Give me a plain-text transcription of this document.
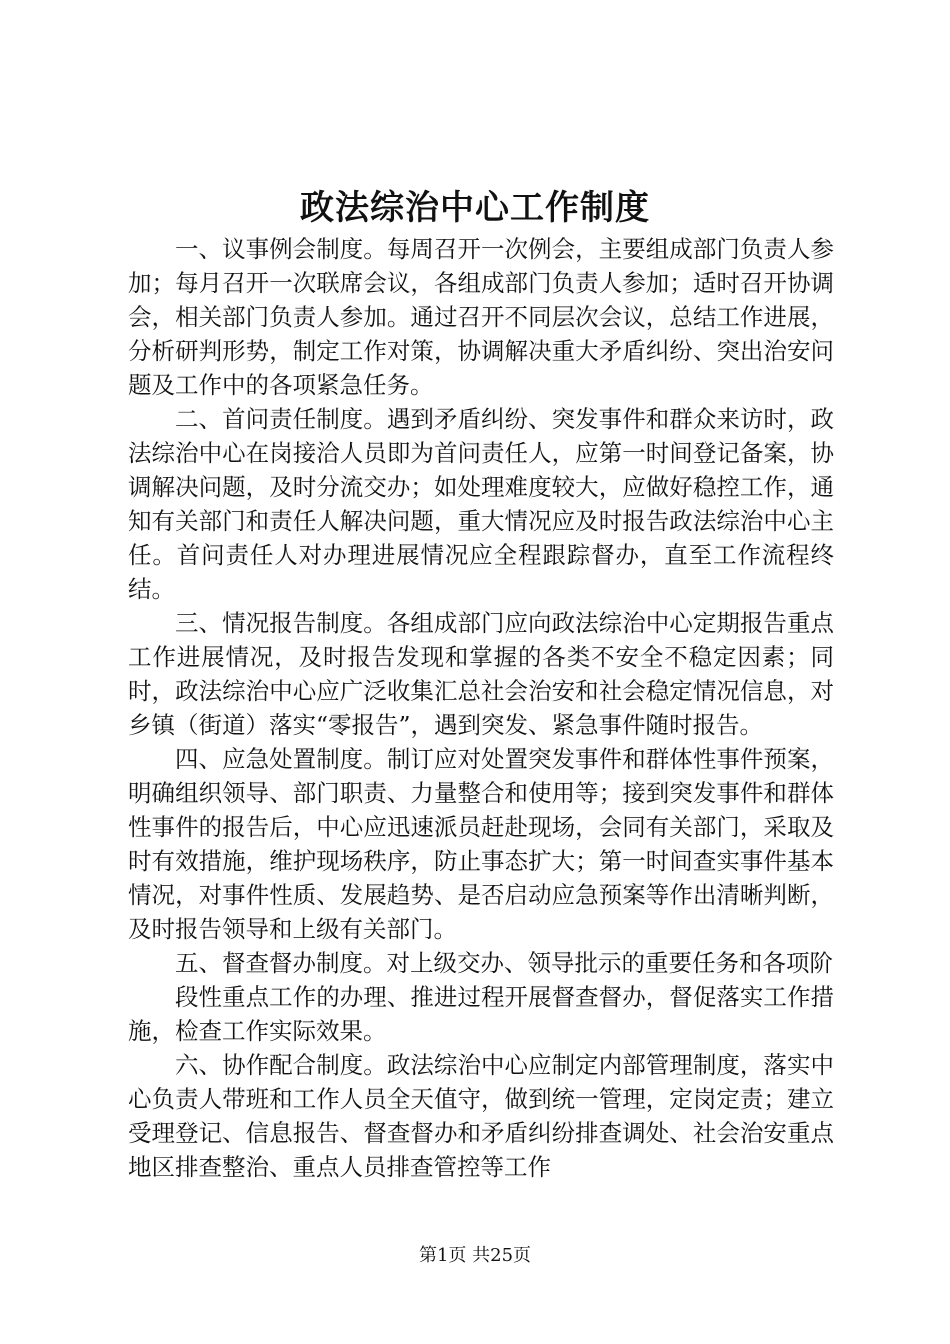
政法综治中心工作制度

一、议事例会制度。每周召开一次例会，主要组成部门负责人参加；每月召开一次联席会议，各组成部门负责人参加；适时召开协调会，相关部门负责人参加。通过召开不同层次会议，总结工作进展，分析研判形势，制定工作对策，协调解决重大矛盾纠纷、突出治安问题及工作中的各项紧急任务。

二、首问责任制度。遇到矛盾纠纷、突发事件和群众来访时，政法综治中心在岗接洽人员即为首问责任人，应第一时间登记备案，协调解决问题，及时分流交办；如处理难度较大，应做好稳控工作，通知有关部门和责任人解决问题，重大情况应及时报告政法综治中心主任。首问责任人对办理进展情况应全程跟踪督办，直至工作流程终结。

三、情况报告制度。各组成部门应向政法综治中心定期报告重点工作进展情况，及时报告发现和掌握的各类不安全不稳定因素；同时，政法综治中心应广泛收集汇总社会治安和社会稳定情况信息，对乡镇（街道）落实“零报告”，遇到突发、紧急事件随时报告。

四、应急处置制度。制订应对处置突发事件和群体性事件预案，明确组织领导、部门职责、力量整合和使用等；接到突发事件和群体性事件的报告后，中心应迅速派员赶赴现场，会同有关部门，采取及时有效措施，维护现场秩序，防止事态扩大；第一时间查实事件基本情况，对事件性质、发展趋势、是否启动应急预案等作出清晰判断，及时报告领导和上级有关部门。

五、督查督办制度。对上级交办、领导批示的重要任务和各项阶

段性重点工作的办理、推进过程开展督查督办，督促落实工作措施，检查工作实际效果。

六、协作配合制度。政法综治中心应制定内部管理制度，落实中心负责人带班和工作人员全天值守，做到统一管理，定岗定责；建立受理登记、信息报告、督查督办和矛盾纠纷排查调处、社会治安重点地区排查整治、重点人员排查管控等工作

第1页 共25页
